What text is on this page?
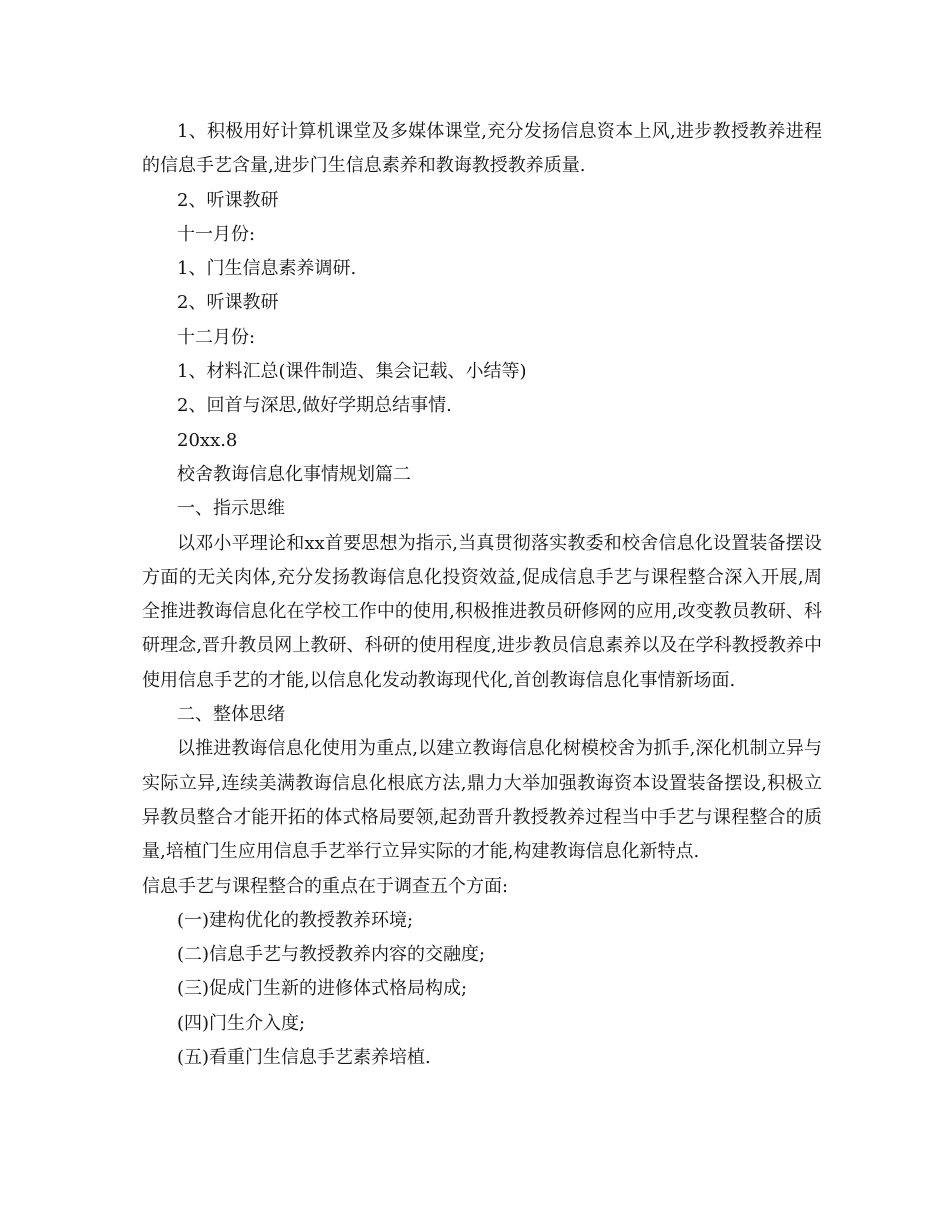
1、积极用好计算机课堂及多媒体课堂,充分发扬信息资本上风,进步教授教养进程的信息手艺含量,进步门生信息素养和教诲教授教养质量.

2、听课教研

十一月份:

1、门生信息素养调研.

2、听课教研

十二月份:

1、材料汇总(课件制造、集会记载、小结等)

2、回首与深思,做好学期总结事情.

20xx.8

校舍教诲信息化事情规划篇二

一、指示思维

以邓小平理论和xx首要思想为指示,当真贯彻落实教委和校舍信息化设置装备摆设方面的无关肉体,充分发扬教诲信息化投资效益,促成信息手艺与课程整合深入开展,周全推进教诲信息化在学校工作中的使用,积极推进教员研修网的应用,改变教员教研、科研理念,晋升教员网上教研、科研的使用程度,进步教员信息素养以及在学科教授教养中使用信息手艺的才能,以信息化发动教诲现代化,首创教诲信息化事情新场面.

二、整体思绪

以推进教诲信息化使用为重点,以建立教诲信息化树模校舍为抓手,深化机制立异与实际立异,连续美满教诲信息化根底方法,鼎力大举加强教诲资本设置装备摆设,积极立异教员整合才能开拓的体式格局要领,起劲晋升教授教养过程当中手艺与课程整合的质量,培植门生应用信息手艺举行立异实际的才能,构建教诲信息化新特点.

信息手艺与课程整合的重点在于调查五个方面:

(一)建构优化的教授教养环境;

(二)信息手艺与教授教养内容的交融度;

(三)促成门生新的进修体式格局构成;

(四)门生介入度;

(五)看重门生信息手艺素养培植.
